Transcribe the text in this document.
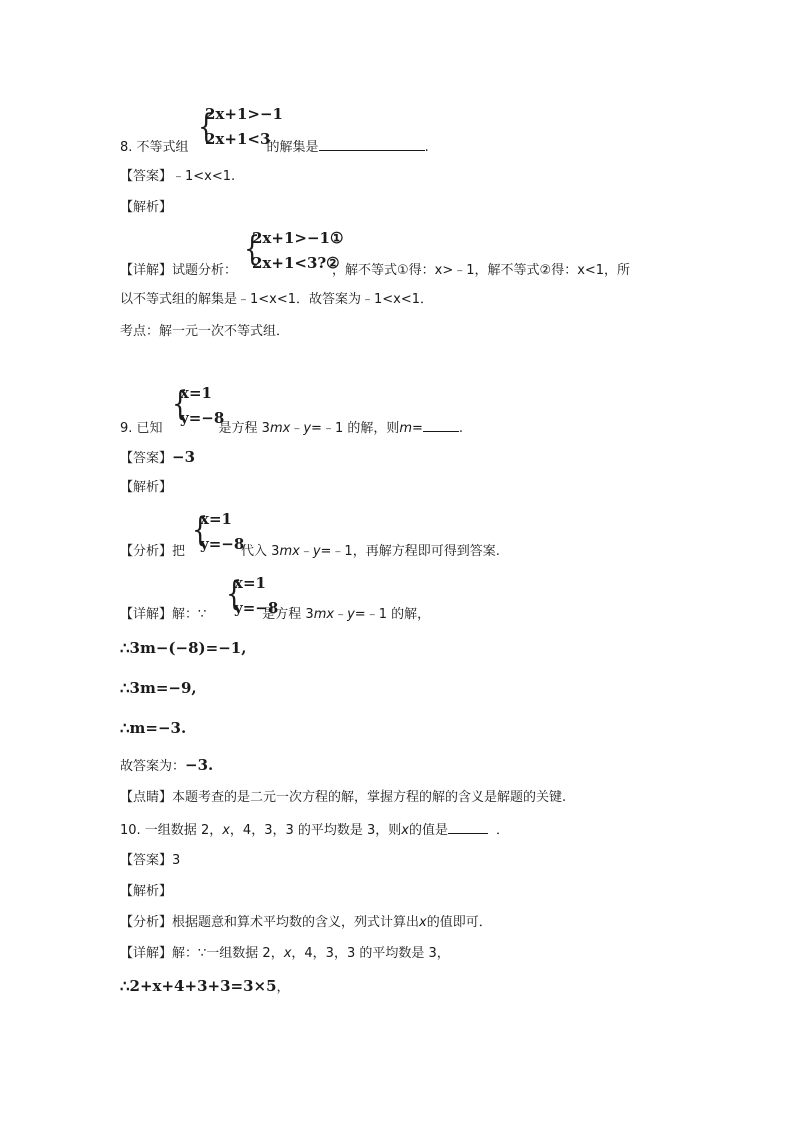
{
2x+1>−1
2x+1<3
8. 不等式组	的解集是	.
【答案】﹣1<x<1.
【解析】
{
2x+1>−1①
2x+1<3?②
【详解】试题分析：	，解不等式①得：x>﹣1，解不等式②得：x<1，所
以不等式组的解集是﹣1<x<1．故答案为﹣1<x<1．
考点：解一元一次不等式组．
{
x=1
y=−8
9. 已知	是方程 3mx﹣y=﹣1 的解，则m=	.
【答案】−3
【解析】
{
x=1
y=−8
【分析】把	代入 3mx﹣y=﹣1，再解方程即可得到答案.
{
x=1
y=−8
【详解】解：∵	是方程 3mx﹣y=﹣1 的解，
∴3m−(−8)=−1,
∴3m=−9,
∴m=−3.
故答案为：−3.
【点睛】本题考查的是二元一次方程的解，掌握方程的解的含义是解题的关键.
10. 一组数据 2，x，4，3，3 的平均数是 3，则x的值是	．
【答案】3
【解析】
【分析】根据题意和算术平均数的含义，列式计算出x的值即可．
【详解】解：∵一组数据 2，x，4，3，3 的平均数是 3，
∴2+x+4+3+3=3×5，
